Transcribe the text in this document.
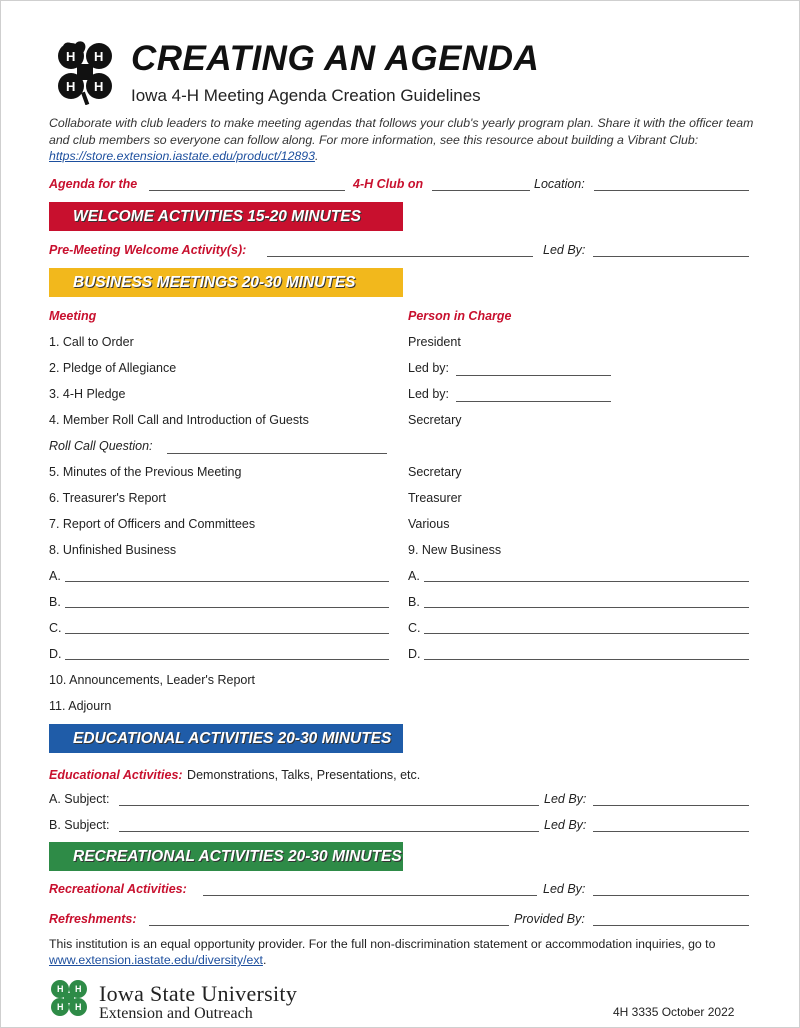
H H
H H
CREATING AN AGENDA
Iowa 4-H Meeting Agenda Creation Guidelines
Collaborate with club leaders to make meeting agendas that follows your club's yearly program plan. Share it with the officer team and club members so everyone can follow along. For more information, see this resource about building a Vibrant Club: https://store.extension.iastate.edu/product/12893.
Agenda for the	4-H Club on	Location:
WELCOME ACTIVITIES 15-20 MINUTES
Pre-Meeting Welcome Activity(s):	Led By:
BUSINESS MEETINGS 20-30 MINUTES
Meeting	Person in Charge
1. Call to Order	President
2. Pledge of Allegiance	Led by:
3. 4-H Pledge	Led by:
4. Member Roll Call and Introduction of Guests	Secretary
Roll Call Question:
5. Minutes of the Previous Meeting	Secretary
6. Treasurer's Report	Treasurer
7. Report of Officers and Committees	Various
8. Unfinished Business	9. New Business
A.	A.
B.	B.
C.	C.
D.	D.
10. Announcements, Leader's Report
11. Adjourn
EDUCATIONAL ACTIVITIES 20-30 MINUTES
Educational Activities: Demonstrations, Talks, Presentations, etc.
A. Subject:	Led By:
B. Subject:	Led By:
RECREATIONAL ACTIVITIES 20-30 MINUTES
Recreational Activities:	Led By:
Refreshments:	Provided By:
This institution is an equal opportunity provider. For the full non-discrimination statement or accommodation inquiries, go to www.extension.iastate.edu/diversity/ext.
H H
H H
Iowa State University
Extension and Outreach	4H 3335 October 2022
